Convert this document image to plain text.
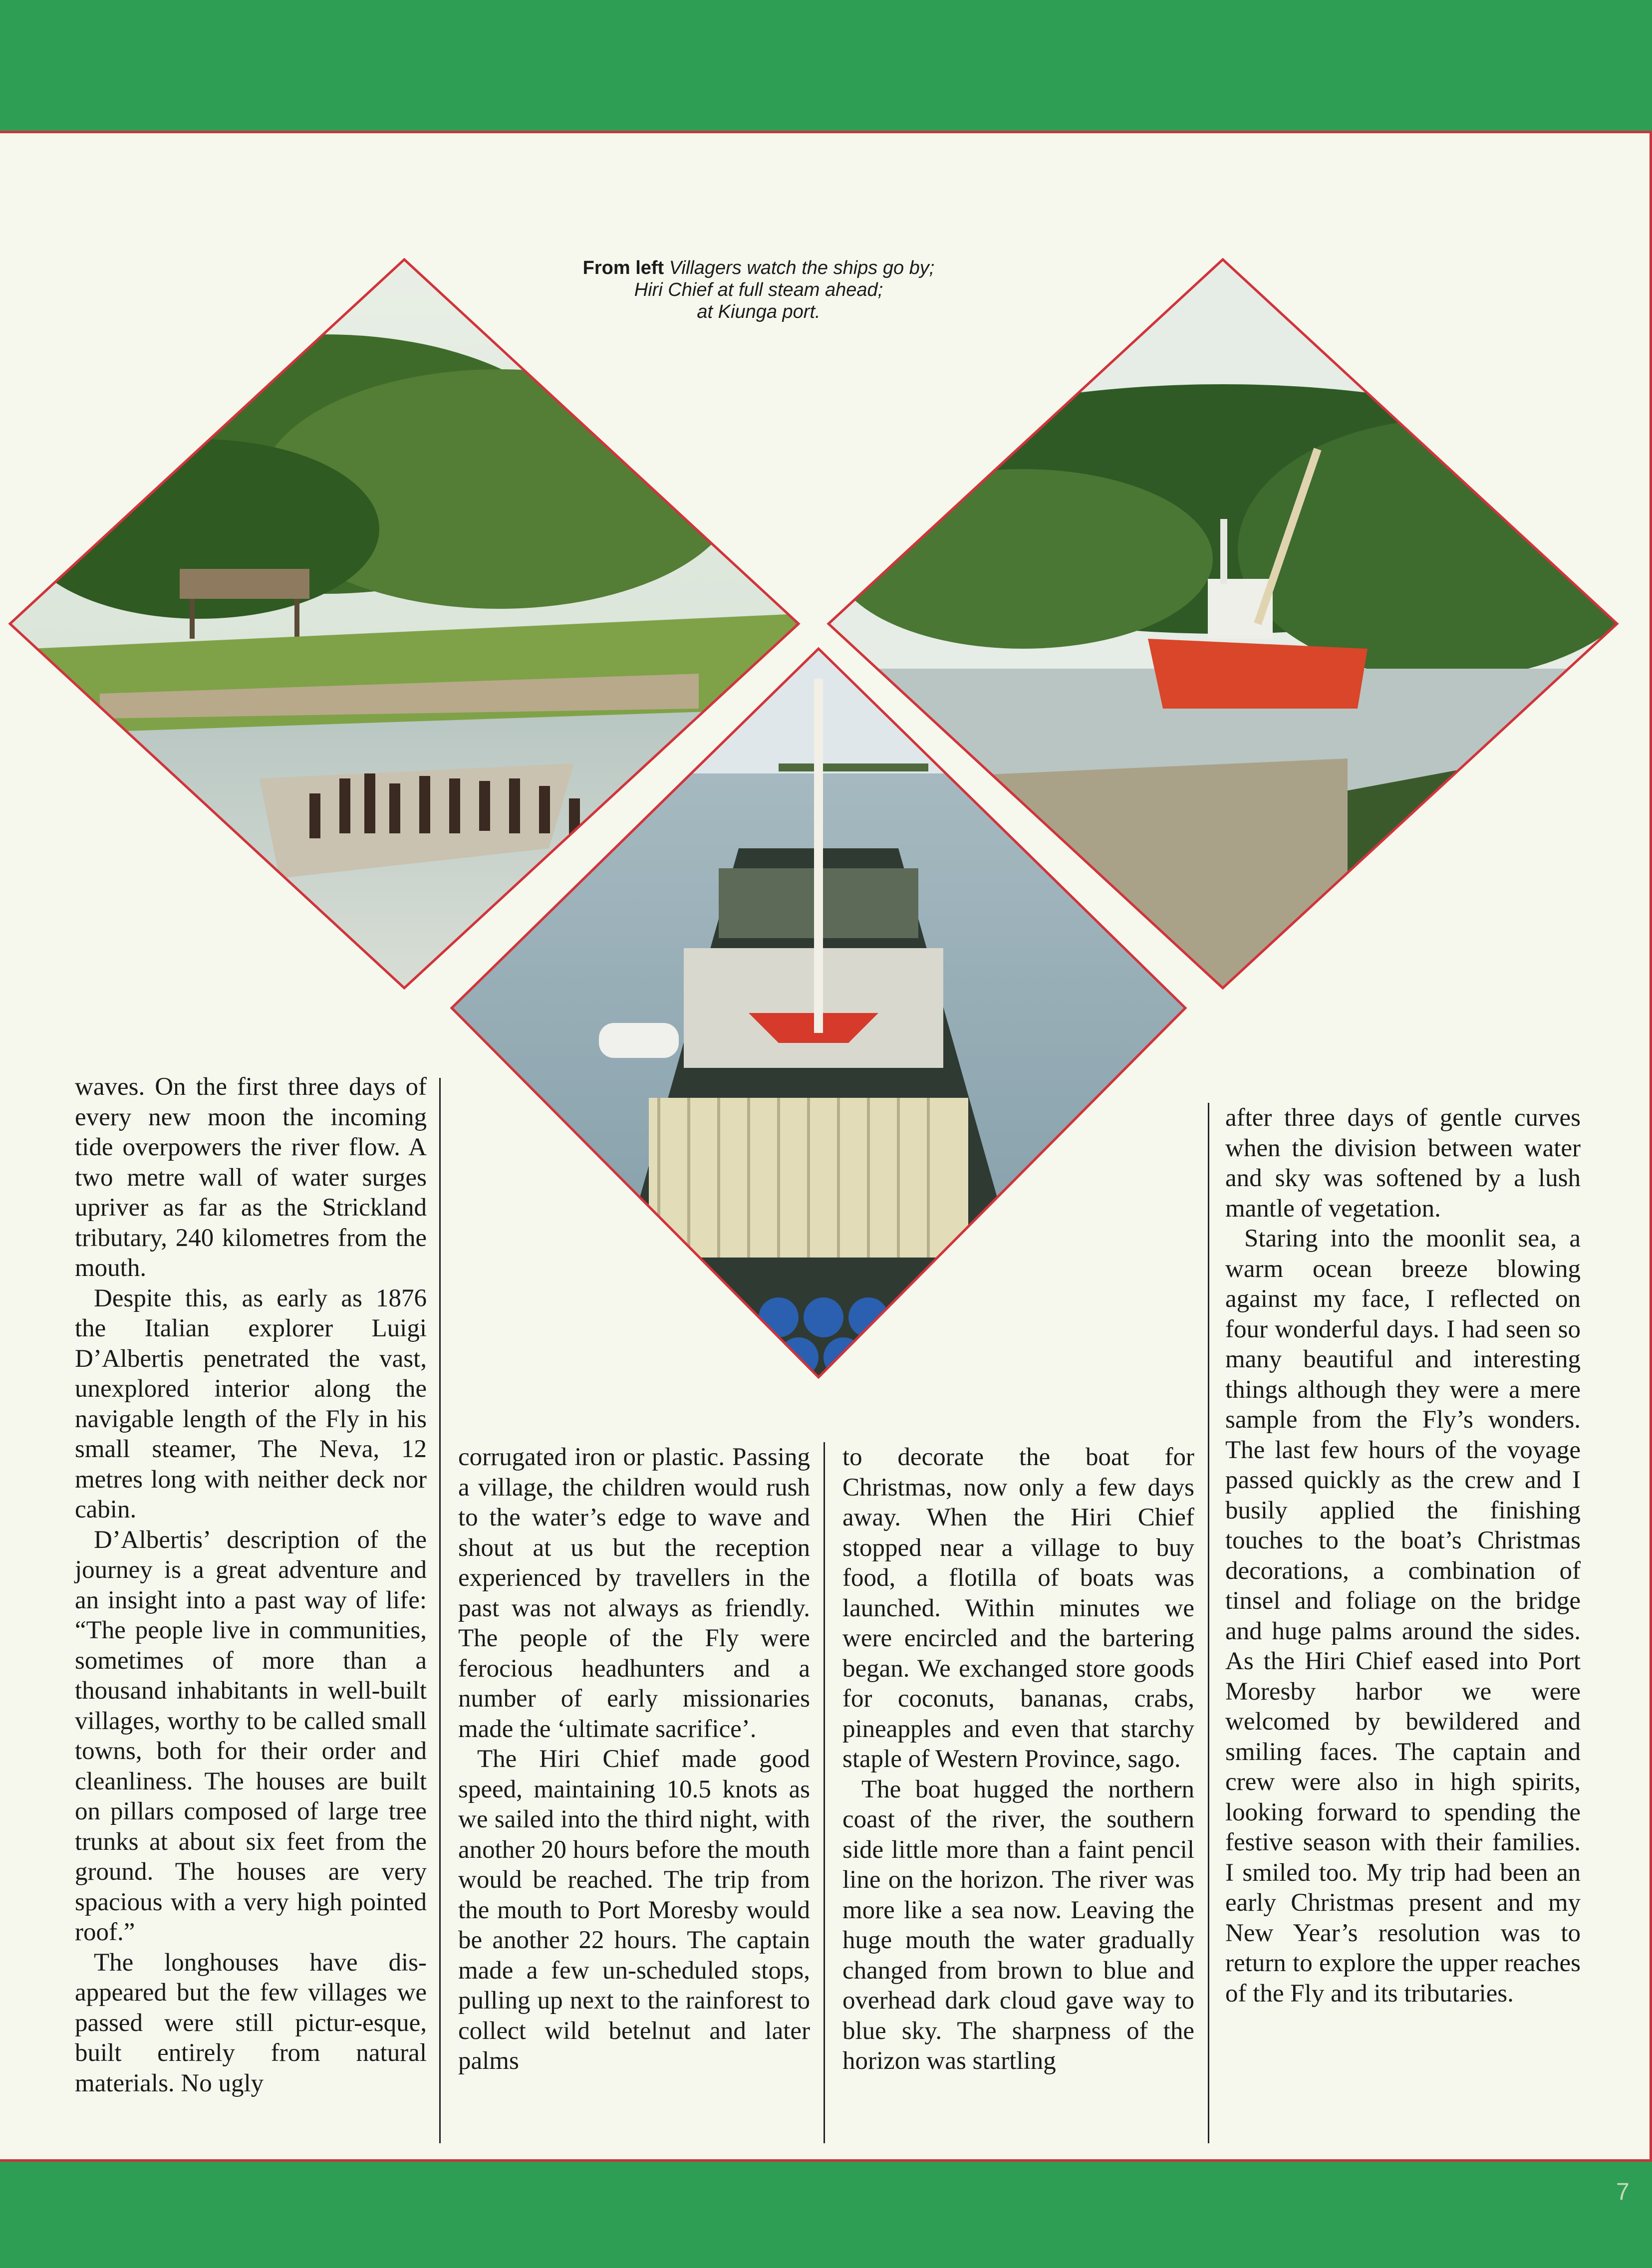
From left Villagers watch the ships go by;
Hiri Chief at full steam ahead;
at Kiunga port.

waves. On the first three days of every new moon the incoming tide overpowers the river flow. A two metre wall of water surges upriver as far as the Strickland tributary, 240 kilometres from the mouth.

Despite this, as early as 1876 the Italian explorer Luigi D’Albertis penetrated the vast, unexplored interior along the navigable length of the Fly in his small steamer, The Neva, 12 metres long with neither deck nor cabin.

D’Albertis’ description of the journey is a great adventure and an insight into a past way of life: “The people live in communities, sometimes of more than a thousand inhabitants in well-built villages, worthy to be called small towns, both for their order and cleanliness. The houses are built on pillars composed of large tree trunks at about six feet from the ground. The houses are very spacious with a very high pointed roof.”

The longhouses have dis-appeared but the few villages we passed were still pictur-esque, built entirely from natural materials. No ugly

corrugated iron or plastic. Passing a village, the children would rush to the water’s edge to wave and shout at us but the reception experienced by travellers in the past was not always as friendly. The people of the Fly were ferocious headhunters and a number of early missionaries made the ‘ultimate sacrifice’.

The Hiri Chief made good speed, maintaining 10.5 knots as we sailed into the third night, with another 20 hours before the mouth would be reached. The trip from the mouth to Port Moresby would be another 22 hours. The captain made a few un-scheduled stops, pulling up next to the rainforest to collect wild betelnut and later palms

to decorate the boat for Christmas, now only a few days away. When the Hiri Chief stopped near a village to buy food, a flotilla of boats was launched. Within minutes we were encircled and the bartering began. We exchanged store goods for coconuts, bananas, crabs, pineapples and even that starchy staple of Western Province, sago.

The boat hugged the northern coast of the river, the southern side little more than a faint pencil line on the horizon. The river was more like a sea now. Leaving the huge mouth the water gradually changed from brown to blue and overhead dark cloud gave way to blue sky. The sharpness of the horizon was startling

after three days of gentle curves when the division between water and sky was softened by a lush mantle of vegetation.

Staring into the moonlit sea, a warm ocean breeze blowing against my face, I reflected on four wonderful days. I had seen so many beautiful and interesting things although they were a mere sample from the Fly’s wonders. The last few hours of the voyage passed quickly as the crew and I busily applied the finishing touches to the boat’s Christmas decorations, a combination of tinsel and foliage on the bridge and huge palms around the sides. As the Hiri Chief eased into Port Moresby harbor we were welcomed by bewildered and smiling faces. The captain and crew were also in high spirits, looking forward to spending the festive season with their families. I smiled too. My trip had been an early Christmas present and my New Year’s resolution was to return to explore the upper reaches of the Fly and its tributaries.

7
